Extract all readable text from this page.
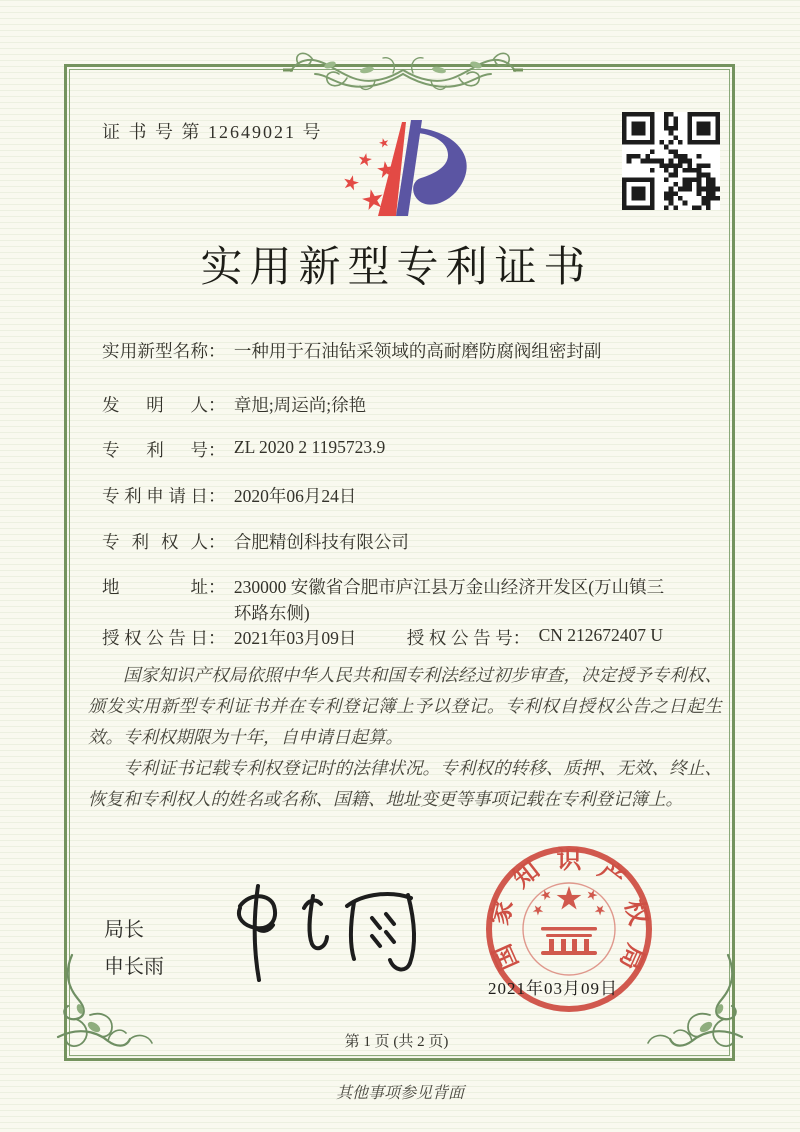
证 书 号 第 12649021 号
实用新型专利证书
实用新型名称： 一种用于石油钻采领域的高耐磨防腐阀组密封副
发明人： 章旭;周运尚;徐艳
专利号： ZL 2020 2 1195723.9
专利申请日： 2020年06月24日
专利权人： 合肥精创科技有限公司
地址： 230000 安徽省合肥市庐江县万金山经济开发区(万山镇三环路东侧)
授权公告日： 2021年03月09日	授权公告号： CN 212672407 U

国家知识产权局依照中华人民共和国专利法经过初步审查，决定授予专利权、颁发实用新型专利证书并在专利登记簿上予以登记。专利权自授权公告之日起生效。专利权期限为十年，自申请日起算。

专利证书记载专利权登记时的法律状况。专利权的转移、质押、无效、终止、恢复和专利权人的姓名或名称、国籍、地址变更等事项记载在专利登记簿上。

局长
申长雨	国
家
知 识 产
权
局
2021年03月09日
第 1 页 (共 2 页)
其他事项参见背面
